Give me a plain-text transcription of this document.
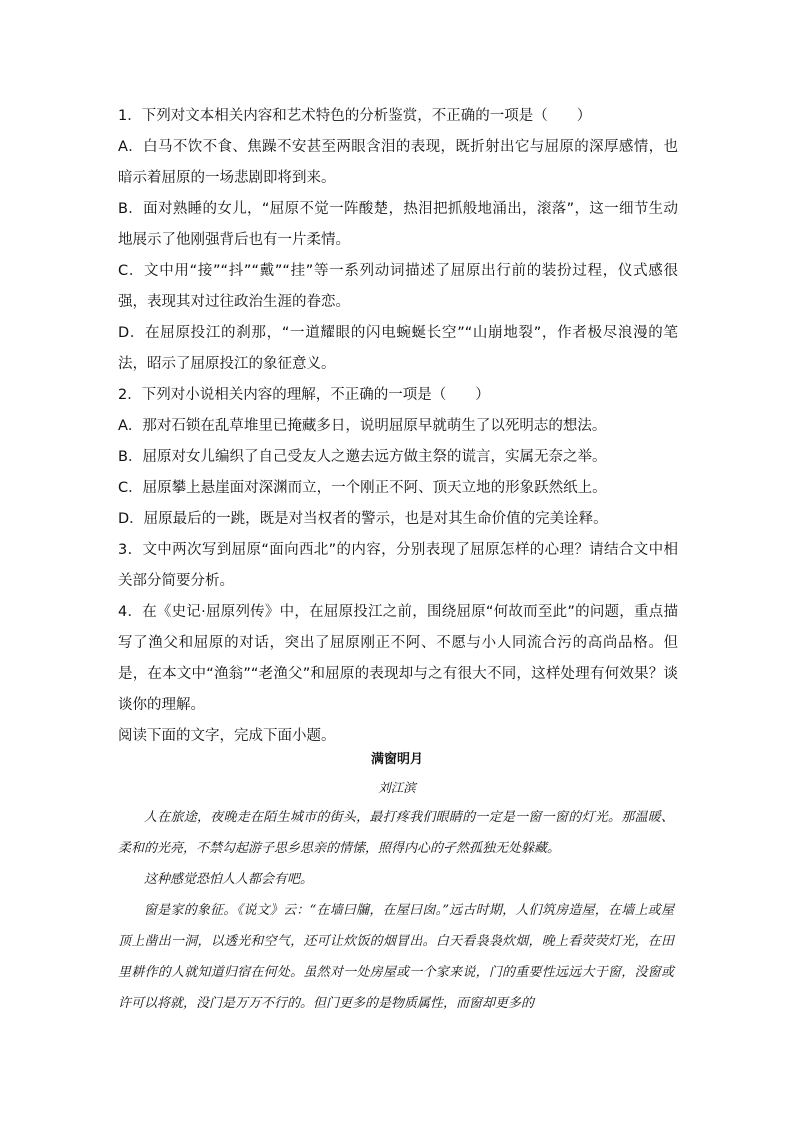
1．下列对文本相关内容和艺术特色的分析鉴赏，不正确的一项是（　　）

A．白马不饮不食、焦躁不安甚至两眼含泪的表现，既折射出它与屈原的深厚感情，也暗示着屈原的一场悲剧即将到来。

B．面对熟睡的女儿，“屈原不觉一阵酸楚，热泪把抓般地涌出，滚落”，这一细节生动地展示了他刚强背后也有一片柔情。

C．文中用“接”“抖”“戴”“挂”等一系列动词描述了屈原出行前的装扮过程，仪式感很强，表现其对过往政治生涯的眷恋。

D．在屈原投江的刹那，“一道耀眼的闪电蜿蜒长空”“山崩地裂”，作者极尽浪漫的笔法，昭示了屈原投江的象征意义。

2．下列对小说相关内容的理解，不正确的一项是（　　）

A．那对石锁在乱草堆里已掩藏多日，说明屈原早就萌生了以死明志的想法。

B．屈原对女儿编织了自己受友人之邀去远方做主祭的谎言，实属无奈之举。

C．屈原攀上悬崖面对深渊而立，一个刚正不阿、顶天立地的形象跃然纸上。

D．屈原最后的一跳，既是对当权者的警示，也是对其生命价值的完美诠释。

3．文中两次写到屈原“面向西北”的内容，分别表现了屈原怎样的心理？请结合文中相关部分简要分析。

4．在《史记·屈原列传》中，在屈原投江之前，围绕屈原“何故而至此”的问题，重点描写了渔父和屈原的对话，突出了屈原刚正不阿、不愿与小人同流合污的高尚品格。但是，在本文中“渔翁”“老渔父”和屈原的表现却与之有很大不同，这样处理有何效果？谈谈你的理解。

阅读下面的文字，完成下面小题。

满窗明月
刘江滨

人在旅途，夜晚走在陌生城市的街头，最打疼我们眼睛的一定是一窗一窗的灯光。那温暖、柔和的光亮，不禁勾起游子思乡思亲的情愫，照得内心的孑然孤独无处躲藏。

这种感觉恐怕人人都会有吧。

窗是家的象征。《说文》云：“在墙曰牖，在屋曰囱。”远古时期，人们筑房造屋，在墙上或屋顶上凿出一洞，以透光和空气，还可让炊饭的烟冒出。白天看袅袅炊烟，晚上看荧荧灯光，在田里耕作的人就知道归宿在何处。虽然对一处房屋或一个家来说，门的重要性远远大于窗，没窗或许可以将就，没门是万万不行的。但门更多的是物质属性，而窗却更多的
